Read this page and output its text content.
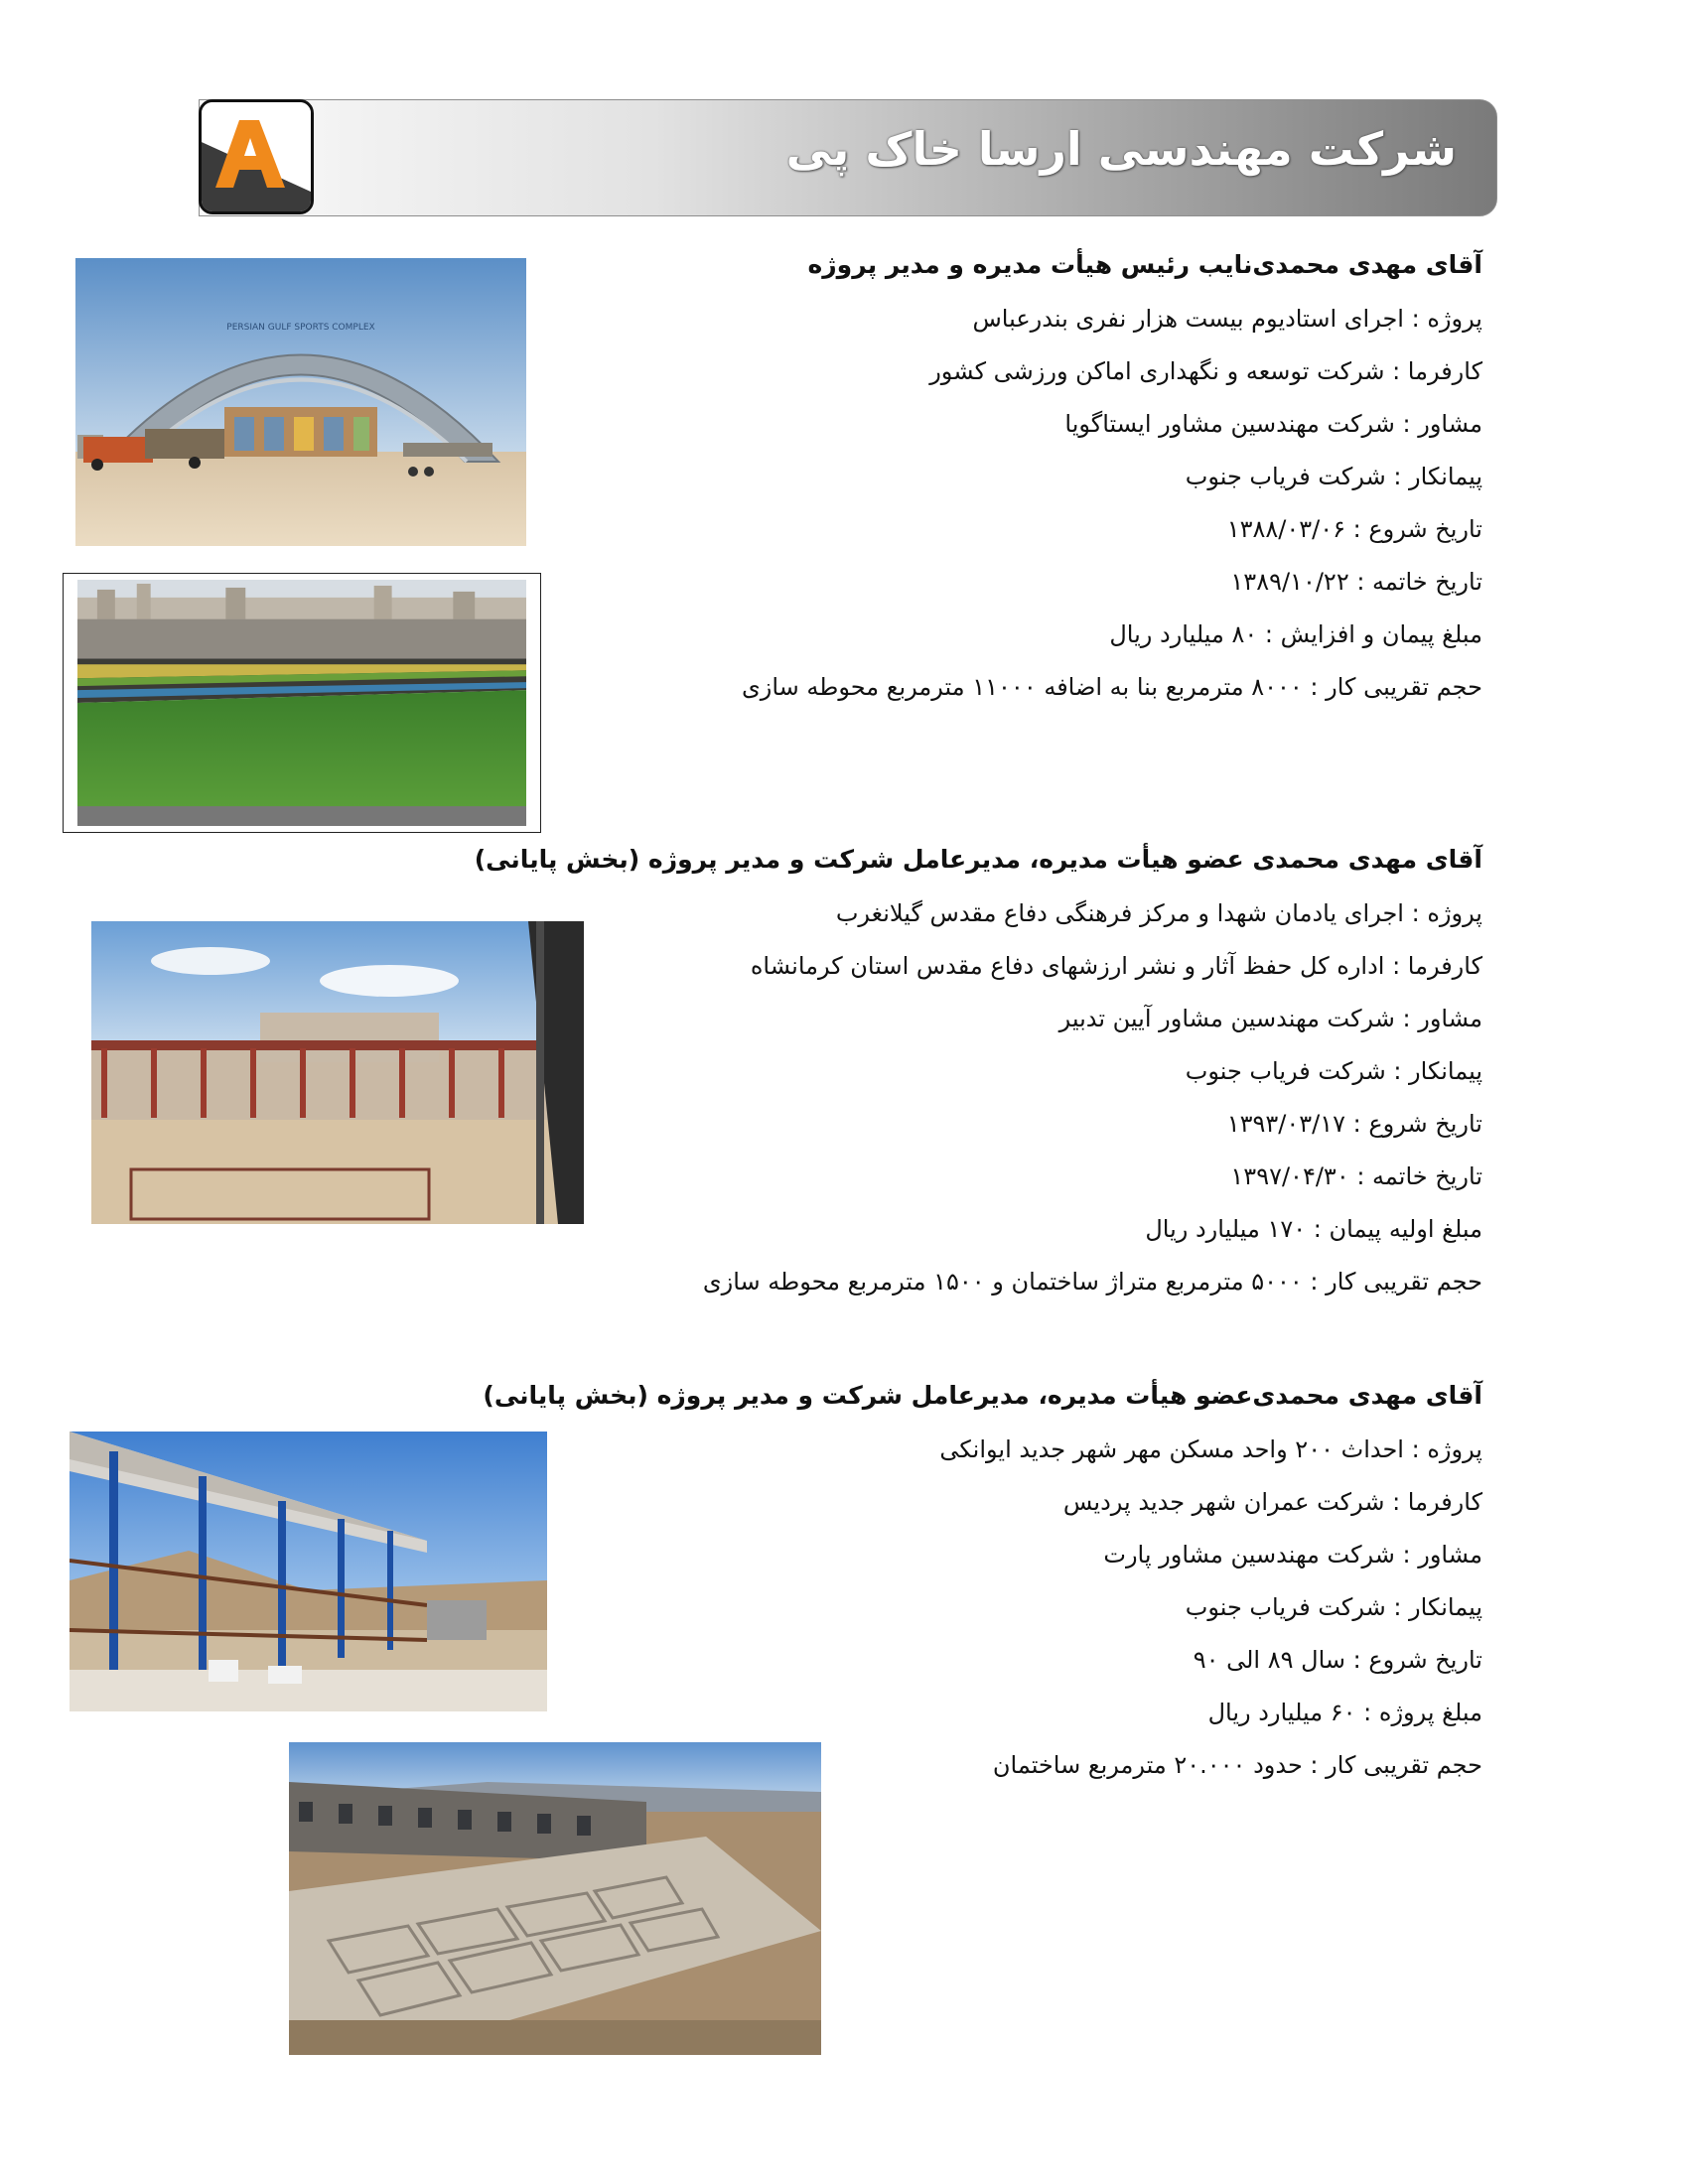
شرکت مهندسی ارسا خاک پی
آقای مهدی محمدی‌نایب رئیس هیأت مدیره و مدیر پروژه
پروژه : اجرای استادیوم بیست هزار نفری بندرعباس
کارفرما : شرکت توسعه و نگهداری اماکن ورزشی کشور
مشاور : شرکت مهندسین مشاور ایستاگویا
پیمانکار : شرکت فریاب جنوب
تاریخ شروع : ۱۳۸۸/۰۳/۰۶
تاریخ خاتمه : ۱۳۸۹/۱۰/۲۲
مبلغ پیمان و افزایش : ۸۰ میلیارد ریال
حجم تقریبی کار : ۸۰۰۰ مترمربع بنا به اضافه ۱۱۰۰۰ مترمربع محوطه سازی
PERSIAN GULF SPORTS COMPLEX
آقای مهدی محمدی عضو هیأت مدیره، مدیرعامل شرکت و مدیر پروژه (بخش پایانی)
پروژه : اجرای یادمان شهدا و مرکز فرهنگی دفاع مقدس گیلانغرب
کارفرما : اداره کل حفظ آثار و نشر ارزشهای دفاع مقدس استان کرمانشاه
مشاور : شرکت مهندسین مشاور آیین تدبیر
پیمانکار : شرکت فریاب جنوب
تاریخ شروع : ۱۳۹۳/۰۳/۱۷
تاریخ خاتمه : ۱۳۹۷/۰۴/۳۰
مبلغ اولیه پیمان : ۱۷۰ میلیارد ریال
حجم تقریبی کار : ۵۰۰۰ مترمربع متراژ ساختمان و ۱۵۰۰ مترمربع محوطه سازی
آقای مهدی محمدی‌عضو هیأت مدیره، مدیرعامل شرکت و مدیر پروژه (بخش پایانی)
پروژه : احداث ۲۰۰ واحد مسکن مهر شهر جدید ایوانکی
کارفرما : شرکت عمران شهر جدید پردیس
مشاور : شرکت مهندسین مشاور پارت
پیمانکار : شرکت فریاب جنوب
تاریخ شروع : سال ۸۹ الی ۹۰
مبلغ پروژه : ۶۰ میلیارد ریال
حجم تقریبی کار : حدود ۲۰.۰۰۰ مترمربع ساختمان
